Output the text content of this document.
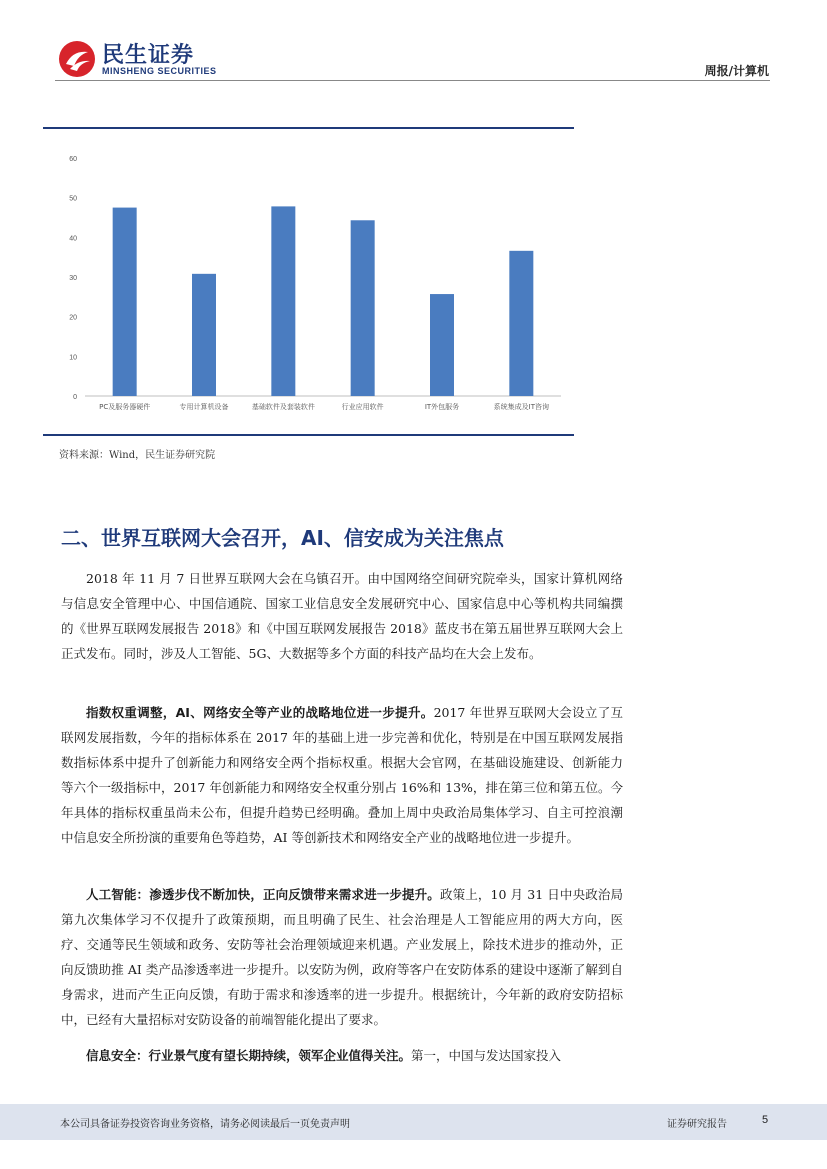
民生证券
MINSHENG SECURITIES	周报/计算机
0
10
20
30
40
50
60
PC及服务器硬件	专用计算机设备	基础软件及套装软件	行业应用软件	IT外包服务	系统集成及IT咨询
资料来源：Wind，民生证券研究院
二、世界互联网大会召开，AI、信安成为关注焦点

2018 年 11 月 7 日世界互联网大会在乌镇召开。由中国网络空间研究院牵头，国家计算机网络与信息安全管理中心、中国信通院、国家工业信息安全发展研究中心、国家信息中心等机构共同编撰的《世界互联网发展报告 2018》和《中国互联网发展报告 2018》蓝皮书在第五届世界互联网大会上正式发布。同时，涉及人工智能、5G、大数据等多个方面的科技产品均在大会上发布。

指数权重调整，AI、网络安全等产业的战略地位进一步提升。2017 年世界互联网大会设立了互联网发展指数，今年的指标体系在 2017 年的基础上进一步完善和优化，特别是在中国互联网发展指数指标体系中提升了创新能力和网络安全两个指标权重。根据大会官网，在基础设施建设、创新能力等六个一级指标中，2017 年创新能力和网络安全权重分别占 16%和 13%，排在第三位和第五位。今年具体的指标权重虽尚未公布，但提升趋势已经明确。叠加上周中央政治局集体学习、自主可控浪潮中信息安全所扮演的重要角色等趋势，AI 等创新技术和网络安全产业的战略地位进一步提升。

人工智能：渗透步伐不断加快，正向反馈带来需求进一步提升。政策上，10 月 31 日中央政治局第九次集体学习不仅提升了政策预期，而且明确了民生、社会治理是人工智能应用的两大方向，医疗、交通等民生领域和政务、安防等社会治理领域迎来机遇。产业发展上，除技术进步的推动外，正向反馈助推 AI 类产品渗透率进一步提升。以安防为例，政府等客户在安防体系的建设中逐渐了解到自身需求，进而产生正向反馈，有助于需求和渗透率的进一步提升。根据统计，今年新的政府安防招标中，已经有大量招标对安防设备的前端智能化提出了要求。

信息安全：行业景气度有望长期持续，领军企业值得关注。第一，中国与发达国家投入

本公司具备证券投资咨询业务资格，请务必阅读最后一页免责声明	证券研究报告	5
